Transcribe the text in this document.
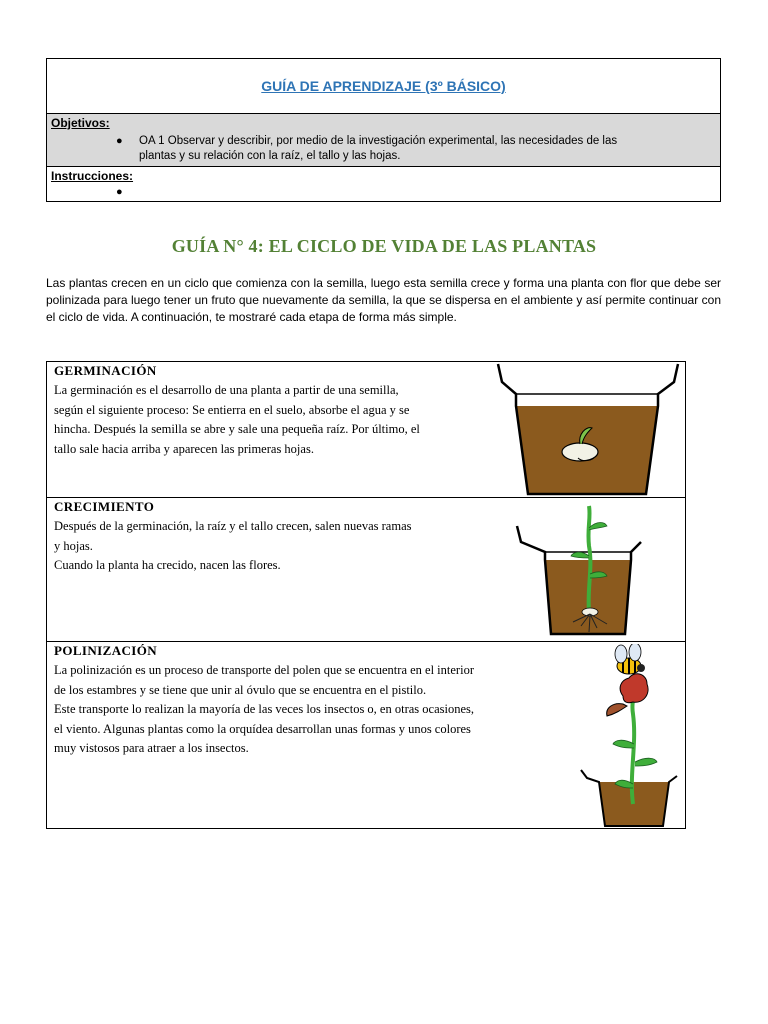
GUÍA DE APRENDIZAJE (3º BÁSICO)
Objetivos:
● OA 1 Observar y describir, por medio de la investigación experimental, las necesidades de las
plantas y su relación con la raíz, el tallo y las hojas.
Instrucciones:
●
GUÍA N° 4: EL CICLO DE VIDA DE LAS PLANTAS
Las plantas crecen en un ciclo que comienza con la semilla, luego esta semilla crece y forma una planta con flor que debe ser polinizada para luego tener un fruto que nuevamente da semilla, la que se dispersa en el ambiente y así permite continuar con el ciclo de vida. A continuación, te mostraré cada etapa de forma más simple.
GERMINACIÓN
La germinación es el desarrollo de una planta a partir de una semilla,
según el siguiente proceso: Se entierra en el suelo, absorbe el agua y se
hincha. Después la semilla se abre y sale una pequeña raíz. Por último, el
tallo sale hacia arriba y aparecen las primeras hojas.
CRECIMIENTO
Después de la germinación, la raíz y el tallo crecen, salen nuevas ramas
y hojas.
Cuando la planta ha crecido, nacen las flores.
POLINIZACIÓN
La polinización es un proceso de transporte del polen que se encuentra en el interior
de los estambres y se tiene que unir al óvulo que se encuentra en el pistilo.
Este transporte lo realizan la mayoría de las veces los insectos o, en otras ocasiones,
el viento. Algunas plantas como la orquídea desarrollan unas formas y unos colores
muy vistosos para atraer a los insectos.
